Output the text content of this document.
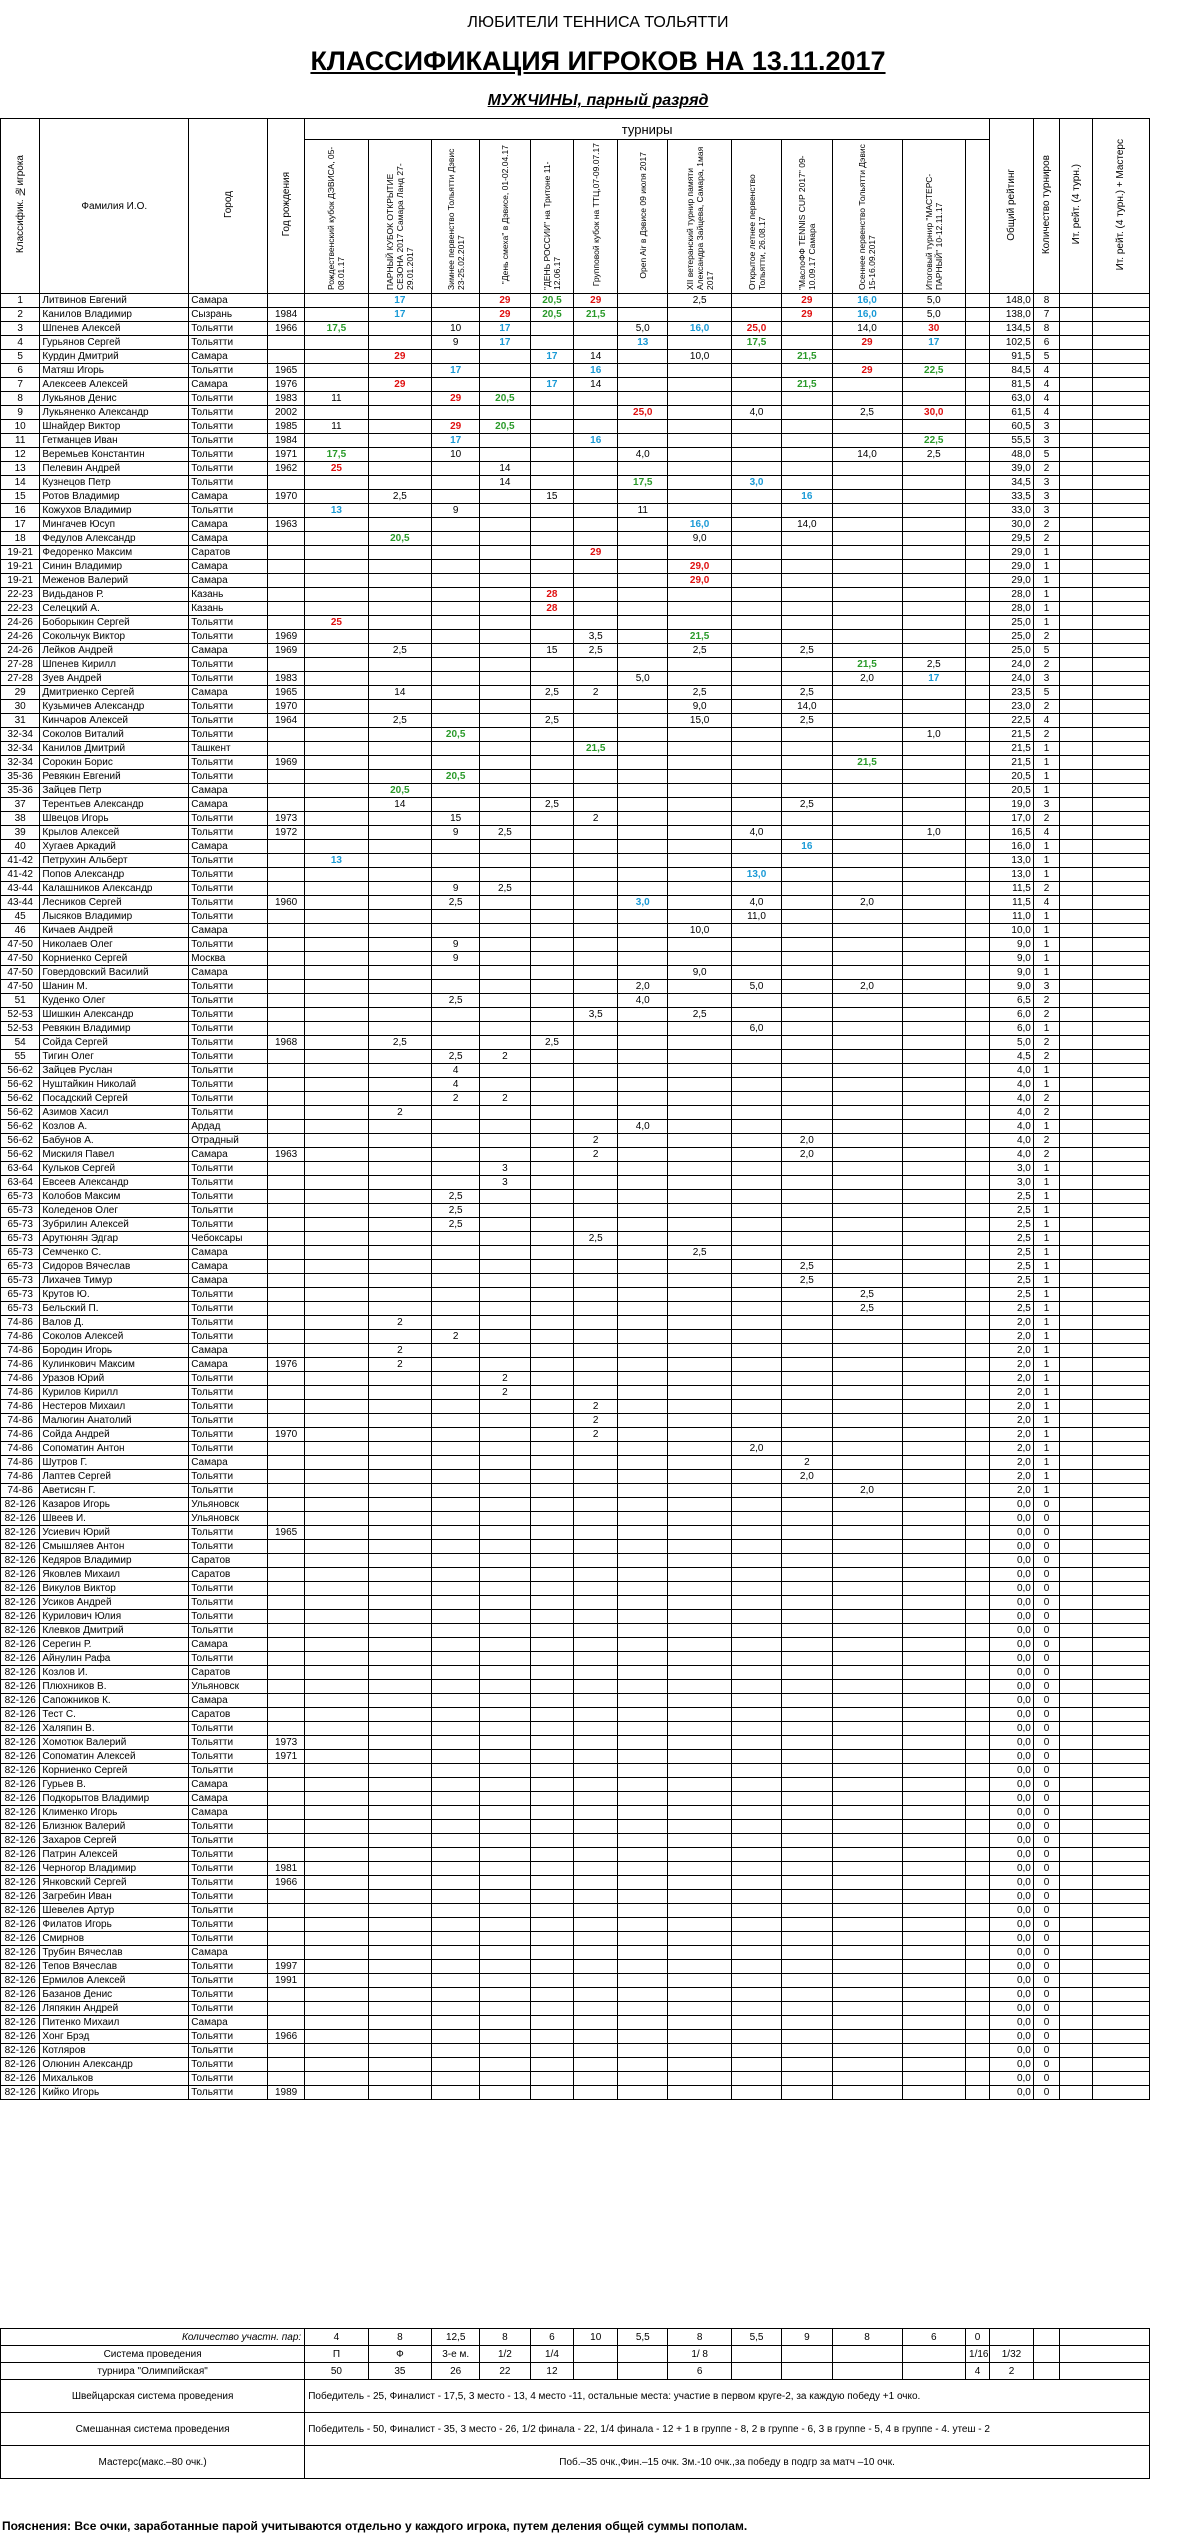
ЛЮБИТЕЛИ ТЕННИСА ТОЛЬЯТТИ
КЛАССИФИКАЦИЯ ИГРОКОВ НА 13.11.2017
МУЖЧИНЫ, парный разряд
Классифик. №игрока	Фамилия И.О.	Город	Год рождения	турниры													Общий рейтинг	Количество турниров	Ит. рейт. (4 турн.)	Ит. рейт. (4 турн.) + Мастерс
				Рождественский кубок ДЭВИСА, 05-08.01.17	ПАРНЫЙ КУБОК ОТКРЫТИЕ СЕЗОНА 2017 Самара Ланд 27-29.01.2017	Зимнее первенство Тольятти Дэвис 23-25.02.2017	"День смеха" в Дэвисе, 01-02.04.17	"ДЕНЬ РОССИИ" на Тритоне 11-12.06.17	Групповой кубок на ТТЦ,07-09.07.17	Open Air в Дэвисе 09 июля 2017	XII ветеранский турнир памяти Александра Зайцева, Самара, 1мая 2017	Открытое летнее первенство Тольятти, 26.08.17	"МаслоФФ TENNIS CUP 2017" 09-10.09.17 Самара	Осеннее первенство Тольятти Дэвис 15-16.09.2017	Итоговый турнир "МАСТЕРС-ПАРНЫЙ" 10-12.11.17					
1	Литвинов Евгений	Самара			17		29	20,5	29		2,5		29	16,0	5,0		148,0	8		
2	Канилов Владимир	Сызрань	1984		17		29	20,5	21,5				29	16,0	5,0		138,0	7		
3	Шпенев Алексей	Тольятти	1966	17,5		10	17			5,0	16,0	25,0		14,0	30		134,5	8		
4	Гурьянов Сергей	Тольятти				9	17			13		17,5		29	17		102,5	6		
5	Курдин Дмитрий	Самара			29			17	14		10,0		21,5				91,5	5		
6	Матяш Игорь	Тольятти	1965			17			16					29	22,5		84,5	4		
7	Алексеев Алексей	Самара	1976		29			17	14				21,5				81,5	4		
8	Лукьянов Денис	Тольятти	1983	11		29	20,5										63,0	4		
9	Лукьяненко Александр	Тольятти	2002							25,0		4,0		2,5	30,0		61,5	4		
10	Шнайдер Виктор	Тольятти	1985	11		29	20,5										60,5	3		
11	Гетманцев Иван	Тольятти	1984			17			16						22,5		55,5	3		
12	Веремьев Константин	Тольятти	1971	17,5		10				4,0				14,0	2,5		48,0	5		
13	Пелевин Андрей	Тольятти	1962	25			14										39,0	2		
14	Кузнецов Петр	Тольятти					14			17,5		3,0					34,5	3		
15	Ротов Владимир	Самара	1970		2,5			15					16				33,5	3		
16	Кожухов Владимир	Тольятти		13		9				11							33,0	3		
17	Мингачев Юсуп	Самара	1963								16,0		14,0				30,0	2		
18	Федулов Александр	Самара			20,5						9,0						29,5	2		
19-21	Федоренко Максим	Саратов							29								29,0	1		
19-21	Синин Владимир	Самара									29,0						29,0	1		
19-21	Меженов Валерий	Самара									29,0						29,0	1		
22-23	Видьданов Р.	Казань						28									28,0	1		
22-23	Селецкий А.	Казань						28									28,0	1		
24-26	Боборыкин Сергей	Тольятти		25													25,0	1		
24-26	Сокольчук Виктор	Тольятти	1969						3,5		21,5						25,0	2		
24-26	Лейков Андрей	Самара	1969		2,5			15	2,5		2,5		2,5				25,0	5		
27-28	Шпенев Кирилл	Тольятти												21,5	2,5		24,0	2		
27-28	Зуев Андрей	Тольятти	1983							5,0				2,0	17		24,0	3		
29	Дмитриенко Сергей	Самара	1965		14			2,5	2		2,5		2,5				23,5	5		
30	Кузьмичев Александр	Тольятти	1970								9,0		14,0				23,0	2		
31	Кинчаров Алексей	Тольятти	1964		2,5			2,5			15,0		2,5				22,5	4		
32-34	Соколов Виталий	Тольятти				20,5									1,0		21,5	2		
32-34	Канилов Дмитрий	Ташкент							21,5								21,5	1		
32-34	Сорокин Борис	Тольятти	1969											21,5			21,5	1		
35-36	Ревякин Евгений	Тольятти				20,5											20,5	1		
35-36	Зайцев Петр	Самара			20,5												20,5	1		
37	Терентьев Александр	Самара			14			2,5					2,5				19,0	3		
38	Швецов Игорь	Тольятти	1973			15			2								17,0	2		
39	Крылов Алексей	Тольятти	1972			9	2,5					4,0			1,0		16,5	4		
40	Хугаев Аркадий	Самара											16				16,0	1		
41-42	Петрухин Альберт	Тольятти		13													13,0	1		
41-42	Попов Александр	Тольятти										13,0					13,0	1		
43-44	Калашников Александр	Тольятти				9	2,5										11,5	2		
43-44	Лесников Сергей	Тольятти	1960			2,5				3,0		4,0		2,0			11,5	4		
45	Лысяков Владимир	Тольятти										11,0					11,0	1		
46	Кичаев Андрей	Самара									10,0						10,0	1		
47-50	Николаев Олег	Тольятти				9											9,0	1		
47-50	Корниенко Сергей	Москва				9											9,0	1		
47-50	Говердовский Василий	Самара									9,0						9,0	1		
47-50	Шанин М.	Тольятти								2,0		5,0		2,0			9,0	3		
51	Куденко Олег	Тольятти				2,5				4,0							6,5	2		
52-53	Шишкин Александр	Тольятти							3,5		2,5						6,0	2		
52-53	Ревякин Владимир	Тольятти										6,0					6,0	1		
54	Сойда Сергей	Тольятти	1968		2,5			2,5									5,0	2		
55	Тигин Олег	Тольятти				2,5	2										4,5	2		
56-62	Зайцев Руслан	Тольятти				4											4,0	1		
56-62	Нуштайкин Николай	Тольятти				4											4,0	1		
56-62	Посадский Сергей	Тольятти				2	2										4,0	2		
56-62	Азимов Хасил	Тольятти			2												4,0	2		
56-62	Козлов А.	Ардад								4,0							4,0	1		
56-62	Бабунов А.	Отрадный							2				2,0				4,0	2		
56-62	Мискиля Павел	Самара	1963						2				2,0				4,0	2		
63-64	Кульков Сергей	Тольятти					3										3,0	1		
63-64	Евсеев Александр	Тольятти					3										3,0	1		
65-73	Колобов Максим	Тольятти				2,5											2,5	1		
65-73	Коледенов Олег	Тольятти				2,5											2,5	1		
65-73	Зубрилин Алексей	Тольятти				2,5											2,5	1		
65-73	Арутюнян Эдгар	Чебоксары							2,5								2,5	1		
65-73	Семченко С.	Самара									2,5						2,5	1		
65-73	Сидоров Вячеслав	Самара											2,5				2,5	1		
65-73	Лихачев Тимур	Самара											2,5				2,5	1		
65-73	Крутов Ю.	Тольятти												2,5			2,5	1		
65-73	Бельский П.	Тольятти												2,5			2,5	1		
74-86	Валов Д.	Тольятти			2												2,0	1		
74-86	Соколов Алексей	Тольятти				2											2,0	1		
74-86	Бородин Игорь	Самара			2												2,0	1		
74-86	Кулинкович Максим	Самара	1976		2												2,0	1		
74-86	Уразов Юрий	Тольятти					2										2,0	1		
74-86	Курилов Кирилл	Тольятти					2										2,0	1		
74-86	Нестеров Михаил	Тольятти							2								2,0	1		
74-86	Малюгин Анатолий	Тольятти							2								2,0	1		
74-86	Сойда Андрей	Тольятти	1970						2								2,0	1		
74-86	Сопоматин Антон	Тольятти										2,0					2,0	1		
74-86	Шутров Г.	Самара											2				2,0	1		
74-86	Лаптев Сергей	Тольятти											2,0				2,0	1		
74-86	Аветисян Г.	Тольятти												2,0			2,0	1		
82-126	Казаров Игорь	Ульяновск															0,0	0		
82-126	Швеев И.	Ульяновск															0,0	0		
82-126	Усиевич Юрий	Тольятти	1965														0,0	0		
82-126	Смышляев Антон	Тольятти															0,0	0		
82-126	Кедяров Владимир	Саратов															0,0	0		
82-126	Яковлев Михаил	Саратов															0,0	0		
82-126	Викулов Виктор	Тольятти															0,0	0		
82-126	Усиков Андрей	Тольятти															0,0	0		
82-126	Курилович Юлия	Тольятти															0,0	0		
82-126	Клевков Дмитрий	Тольятти															0,0	0		
82-126	Серегин Р.	Самара															0,0	0		
82-126	Айнулин Рафа	Тольятти															0,0	0		
82-126	Козлов И.	Саратов															0,0	0		
82-126	Плюхников В.	Ульяновск															0,0	0		
82-126	Сапожников К.	Самара															0,0	0		
82-126	Тест С.	Саратов															0,0	0		
82-126	Халяпин В.	Тольятти															0,0	0		
82-126	Хомотюк Валерий	Тольятти	1973														0,0	0		
82-126	Сопоматин Алексей	Тольятти	1971														0,0	0		
82-126	Корниенко Сергей	Тольятти															0,0	0		
82-126	Гурьев В.	Самара															0,0	0		
82-126	Подкорытов Владимир	Самара															0,0	0		
82-126	Клименко Игорь	Самара															0,0	0		
82-126	Близнюк Валерий	Тольятти															0,0	0		
82-126	Захаров Сергей	Тольятти															0,0	0		
82-126	Патрин Алексей	Тольятти															0,0	0		
82-126	Черногор Владимир	Тольятти	1981														0,0	0		
82-126	Янковский Сергей	Тольятти	1966														0,0	0		
82-126	Загребин Иван	Тольятти															0,0	0		
82-126	Шевелев Артур	Тольятти															0,0	0		
82-126	Филатов Игорь	Тольятти															0,0	0		
82-126	Смирнов	Тольятти															0,0	0		
82-126	Трубин Вячеслав	Самара															0,0	0		
82-126	Тепов Вячеслав	Тольятти	1997														0,0	0		
82-126	Ермилов Алексей	Тольятти	1991														0,0	0		
82-126	Базанов Денис	Тольятти															0,0	0		
82-126	Ляпякин Андрей	Тольятти															0,0	0		
82-126	Питенко Михаил	Самара															0,0	0		
82-126	Хонг Брэд	Тольятти	1966														0,0	0		
82-126	Котляров	Тольятти															0,0	0		
82-126	Олюнин Александр	Тольятти															0,0	0		
82-126	Михальков	Тольятти															0,0	0		
82-126	Кийко Игорь	Тольятти	1989														0,0	0		
Количество участн. пар:	4	8	12,5	8	6	10	5,5	8	5,5	9	8	6	0			
Система проведения	П	Ф	3-е м.	1/2	1/4			1/ 8					1/16	1/32		
турнира "Олимпийская"	50	35	26	22	12			6					4	2		
Швейцарская система проведения	Победитель - 25, Финалист - 17,5, 3 место - 13, 4 место -11, остальные места: участие в первом круге-2, за каждую победу +1 очко.															
Смешанная система проведения	Победитель - 50, Финалист - 35, 3 место - 26, 1/2 финала - 22, 1/4 финала - 12 + 1 в группе - 8, 2 в группе - 6, 3 в группе - 5, 4 в группе - 4. утеш - 2															
Мастерс(макс.–80 очк.)	Поб.–35 очк.,Фин.–15 очк. 3м.-10 очк.,за победу в подгр за матч –10 очк.															
Пояснения: Все очки, заработанные парой учитываются отдельно у каждого игрока, путем деления общей суммы пополам.
